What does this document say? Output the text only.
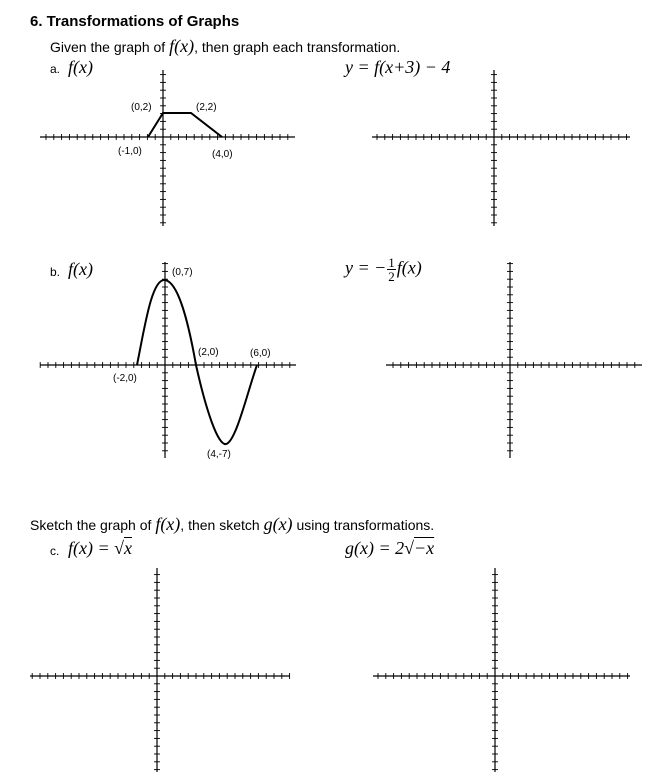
6. Transformations of Graphs
Given the graph of f(x), then graph each transformation.
a. f(x)	y = f(x+3) − 4
b. f(x)	y = − $\frac{1}{2} f(x)$
Sketch the graph of f(x), then sketch g(x) using transformations.
c. f(x) = √x	g(x) = 2√−x
(0,2)	(2,2)
(-1,0)	(4,0)
(0,7)
(2,0)	(6,0)
(-2,0)
(4,-7)
